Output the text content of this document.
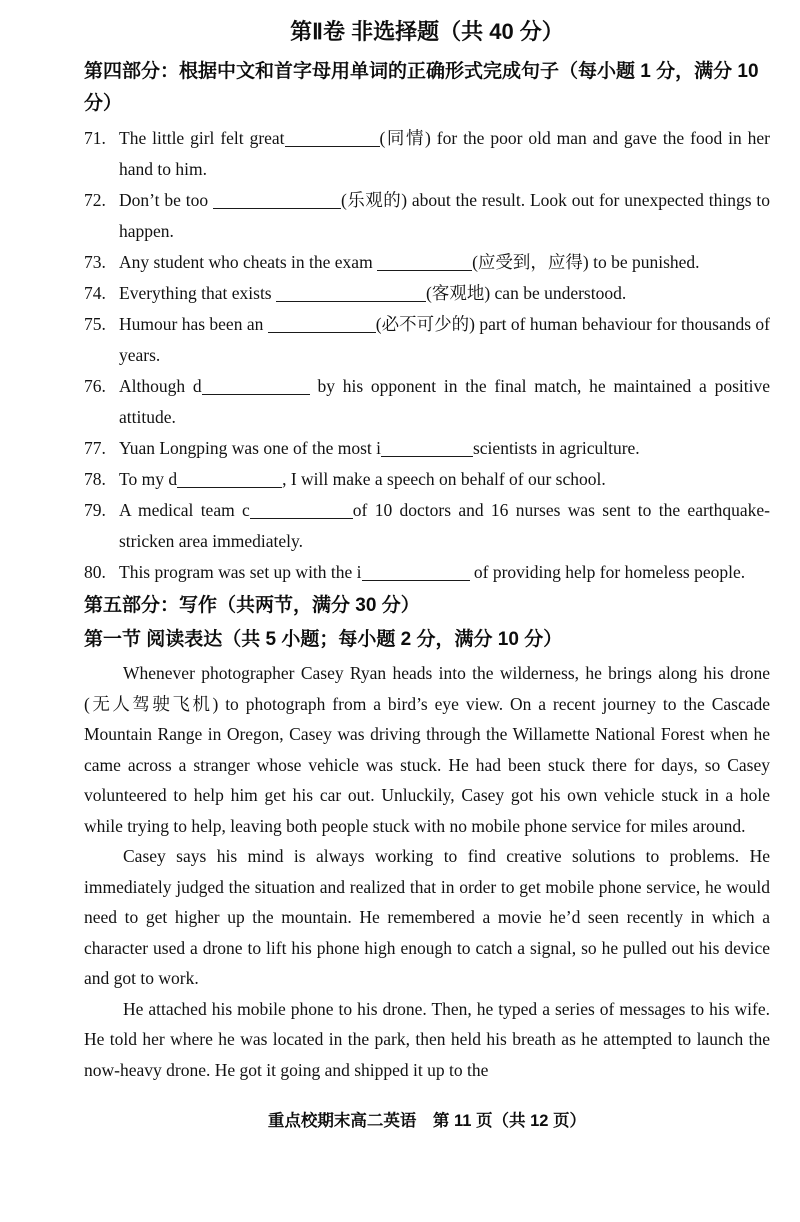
第Ⅱ卷 非选择题（共 40 分）
第四部分：根据中文和首字母用单词的正确形式完成句子（每小题 1 分，满分 10 分）
71. The little girl felt great	(同情) for the poor old man and gave the food in her hand to him.
72. Don’t be too	(乐观的) about the result. Look out for unexpected things to happen.
73. Any student who cheats in the exam	(应受到，应得) to be punished.
74. Everything that exists	(客观地) can be understood.
75. Humour has been an	(必不可少的) part of human behaviour for thousands of years.
76. Although d	by his opponent in the final match, he maintained a positive attitude.
77. Yuan Longping was one of the most i	scientists in agriculture.
78. To my d	, I will make a speech on behalf of our school.
79. A medical team c	of 10 doctors and 16 nurses was sent to the earthquake-stricken area immediately.
80. This program was set up with the i	of providing help for homeless people.
第五部分：写作（共两节，满分 30 分）
第一节 阅读表达（共 5 小题；每小题 2 分，满分 10 分）

Whenever photographer Casey Ryan heads into the wilderness, he brings along his drone (无人驾驶飞机) to photograph from a bird’s eye view. On a recent journey to the Cascade Mountain Range in Oregon, Casey was driving through the Willamette National Forest when he came across a stranger whose vehicle was stuck. He had been stuck there for days, so Casey volunteered to help him get his car out. Unluckily, Casey got his own vehicle stuck in a hole while trying to help, leaving both people stuck with no mobile phone service for miles around.

Casey says his mind is always working to find creative solutions to problems. He immediately judged the situation and realized that in order to get mobile phone service, he would need to get higher up the mountain. He remembered a movie he’d seen recently in which a character used a drone to lift his phone high enough to catch a signal, so he pulled out his device and got to work.

He attached his mobile phone to his drone. Then, he typed a series of messages to his wife. He told her where he was located in the park, then held his breath as he attempted to launch the now-heavy drone. He got it going and shipped it up to the

重点校期末高二英语　第 11 页（共 12 页）
